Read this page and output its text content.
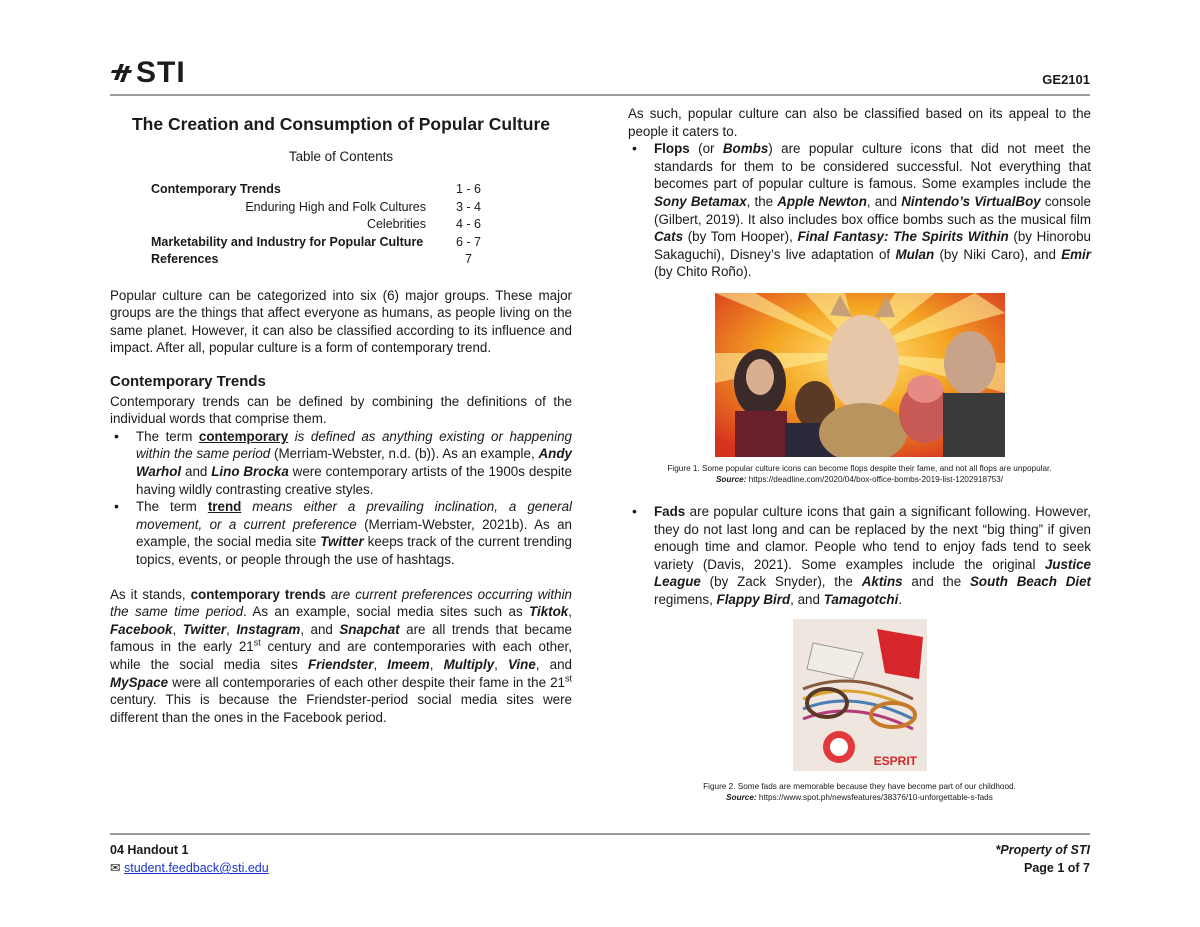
STI	GE2101
The Creation and Consumption of Popular Culture
Table of Contents
Contemporary Trends	1 - 6
Enduring High and Folk Cultures	3 - 4
Celebrities	4 - 6
Marketability and Industry for Popular Culture	6 - 7
References	7

Popular culture can be categorized into six (6) major groups. These major groups are the things that affect everyone as humans, as people living on the same planet. However, it can also be classified according to its influence and impact. After all, popular culture is a form of contemporary trend.

Contemporary Trends

Contemporary trends can be defined by combining the definitions of the individual words that comprise them.

• The term contemporary is defined as anything existing or happening within the same period (Merriam-Webster, n.d. (b)). As an example, Andy Warhol and Lino Brocka were contemporary artists of the 1900s despite having wildly contrasting creative styles.
• The term trend means either a prevailing inclination, a general movement, or a current preference (Merriam-Webster, 2021b). As an example, the social media site Twitter keeps track of the current trending topics, events, or people through the use of hashtags.

As it stands, contemporary trends are current preferences occurring within the same time period. As an example, social media sites such as Tiktok, Facebook, Twitter, Instagram, and Snapchat are all trends that became famous in the early 21st century and are contemporaries with each other, while the social media sites Friendster, Imeem, Multiply, Vine, and MySpace were all contemporaries of each other despite their fame in the 21st century. This is because the Friendster-period social media sites were different than the ones in the Facebook period.

As such, popular culture can also be classified based on its appeal to the people it caters to.

• Flops (or Bombs) are popular culture icons that did not meet the standards for them to be considered successful. Not everything that becomes part of popular culture is famous. Some examples include the Sony Betamax, the Apple Newton, and Nintendo’s VirtualBoy console (Gilbert, 2019). It also includes box office bombs such as the musical film Cats (by Tom Hooper), Final Fantasy: The Spirits Within (by Hinorobu Sakaguchi), Disney’s live adaptation of Mulan (by Niki Caro), and Emir (by Chito Roño).
Figure 1. Some popular culture icons can become flops despite their fame, and not all flops are unpopular.
Source: https://deadline.com/2020/04/box-office-bombs-2019-list-1202918753/
• Fads are popular culture icons that gain a significant following. However, they do not last long and can be replaced by the next “big thing” if given enough time and clamor. People who tend to enjoy fads tend to seek variety (Davis, 2021). Some examples include the original Justice League (by Zack Snyder), the Aktins and the South Beach Diet regimens, Flappy Bird, and Tamagotchi.
ESPRIT
Figure 2. Some fads are memorable because they have become part of our childhood.
Source: https://www.spot.ph/newsfeatures/38376/10-unforgettable-s-fads
04 Handout 1
✉ student.feedback@sti.edu
*Property of STI
Page 1 of 7
